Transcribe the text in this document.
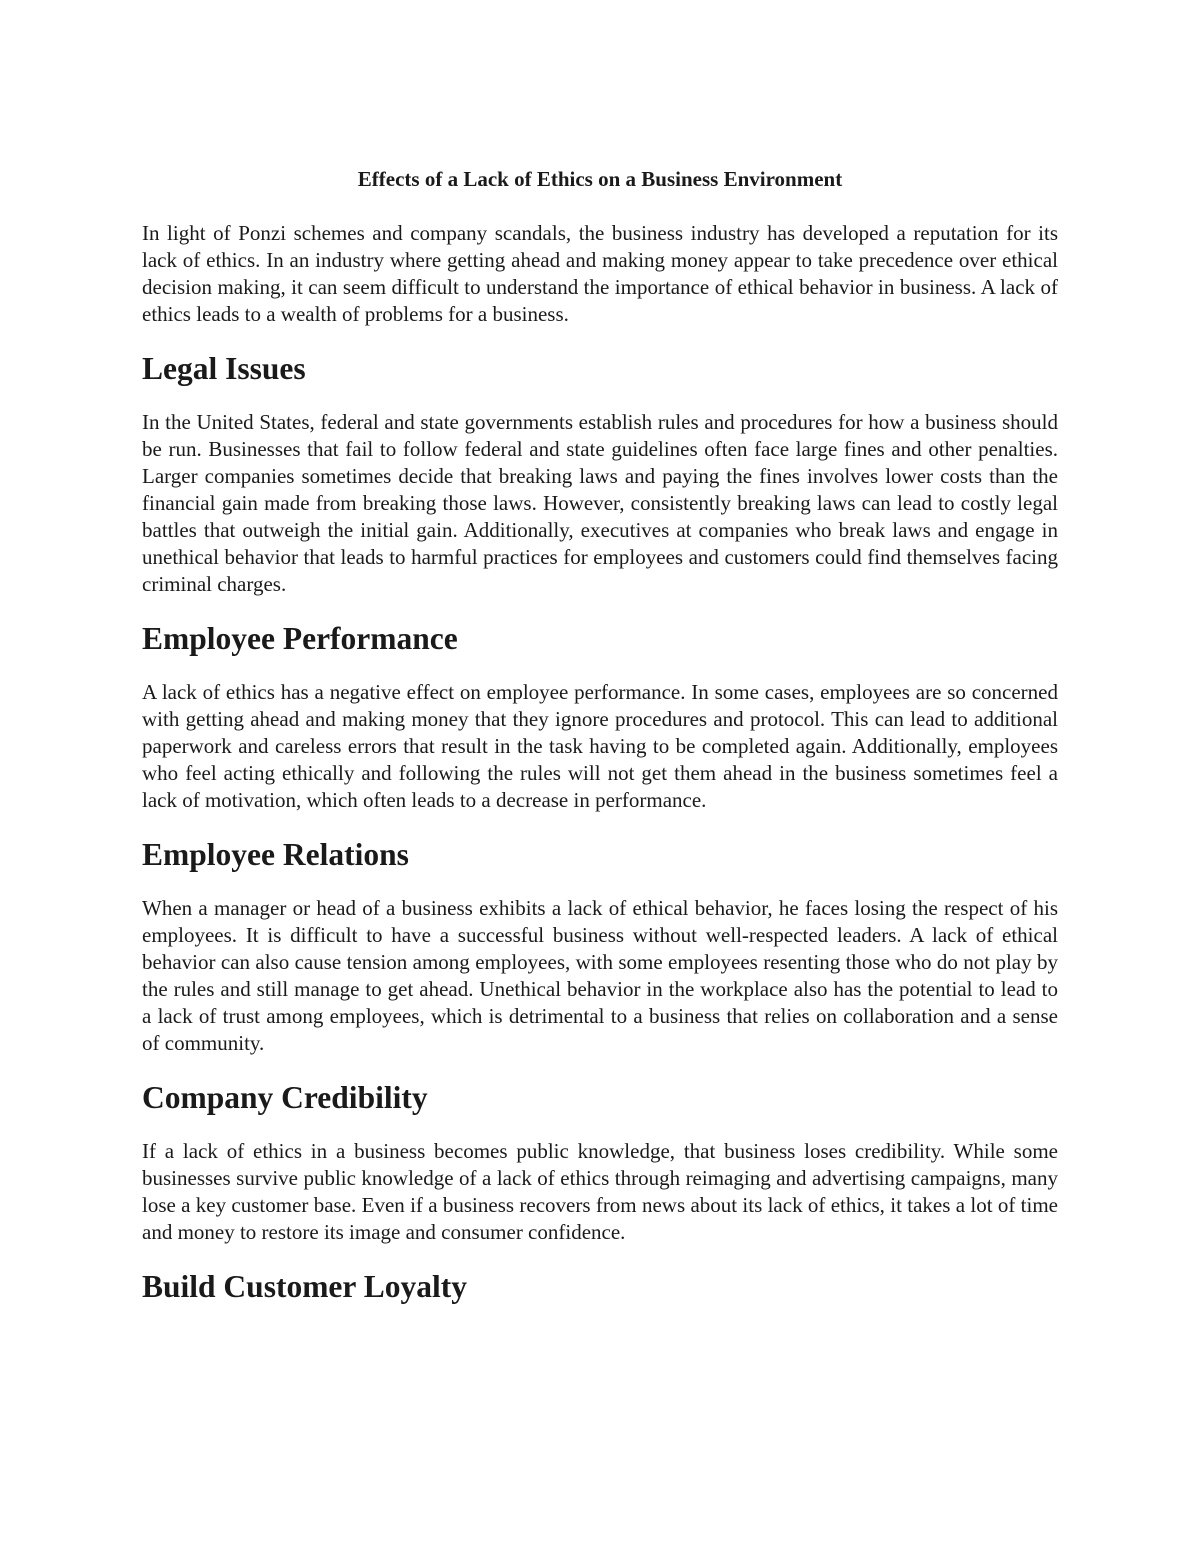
Effects of a Lack of Ethics on a Business Environment

In light of Ponzi schemes and company scandals, the business industry has developed a reputation for its lack of ethics. In an industry where getting ahead and making money appear to take precedence over ethical decision making, it can seem difficult to understand the importance of ethical behavior in business. A lack of ethics leads to a wealth of problems for a business.

Legal Issues

In the United States, federal and state governments establish rules and procedures for how a business should be run. Businesses that fail to follow federal and state guidelines often face large fines and other penalties. Larger companies sometimes decide that breaking laws and paying the fines involves lower costs than the financial gain made from breaking those laws. However, consistently breaking laws can lead to costly legal battles that outweigh the initial gain. Additionally, executives at companies who break laws and engage in unethical behavior that leads to harmful practices for employees and customers could find themselves facing criminal charges.

Employee Performance

A lack of ethics has a negative effect on employee performance. In some cases, employees are so concerned with getting ahead and making money that they ignore procedures and protocol. This can lead to additional paperwork and careless errors that result in the task having to be completed again. Additionally, employees who feel acting ethically and following the rules will not get them ahead in the business sometimes feel a lack of motivation, which often leads to a decrease in performance.

Employee Relations

When a manager or head of a business exhibits a lack of ethical behavior, he faces losing the respect of his employees. It is difficult to have a successful business without well-respected leaders. A lack of ethical behavior can also cause tension among employees, with some employees resenting those who do not play by the rules and still manage to get ahead. Unethical behavior in the workplace also has the potential to lead to a lack of trust among employees, which is detrimental to a business that relies on collaboration and a sense of community.

Company Credibility

If a lack of ethics in a business becomes public knowledge, that business loses credibility. While some businesses survive public knowledge of a lack of ethics through reimaging and advertising campaigns, many lose a key customer base. Even if a business recovers from news about its lack of ethics, it takes a lot of time and money to restore its image and consumer confidence.

Build Customer Loyalty
